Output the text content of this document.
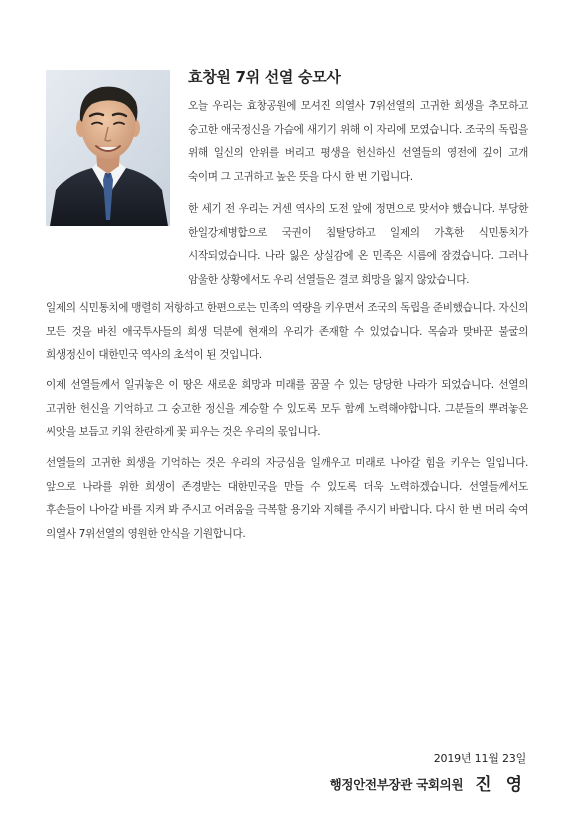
효창원 7위 선열 숭모사

오늘 우리는 효창공원에 모셔진 의열사 7위선열의 고귀한 희생을 추모하고 숭고한 애국정신을 가슴에 새기기 위해 이 자리에 모였습니다. 조국의 독립을 위해 일신의 안위를 버리고 평생을 헌신하신 선열들의 영전에 깊이 고개 숙이며 그 고귀하고 높은 뜻을 다시 한 번 기립니다.

한 세기 전 우리는 거센 역사의 도전 앞에 정면으로 맞서야 했습니다. 부당한 한일강제병합으로 국권이 침탈당하고 일제의 가혹한 식민통치가 시작되었습니다. 나라 잃은 상실감에 온 민족은 시름에 잠겼습니다. 그러나 암울한 상황에서도 우리 선열들은 결코 희망을 잃지 않았습니다.

일제의 식민통치에 맹렬히 저항하고 한편으로는 민족의 역량을 키우면서 조국의 독립을 준비했습니다. 자신의 모든 것을 바친 애국투사들의 희생 덕분에 현재의 우리가 존재할 수 있었습니다. 목숨과 맞바꾼 불굴의 희생정신이 대한민국 역사의 초석이 된 것입니다.

이제 선열들께서 일궈놓은 이 땅은 새로운 희망과 미래를 꿈꿀 수 있는 당당한 나라가 되었습니다. 선열의 고귀한 헌신을 기억하고 그 숭고한 정신을 계승할 수 있도록 모두 함께 노력해야합니다. 그분들의 뿌려놓은 씨앗을 보듬고 키워 찬란하게 꽃 피우는 것은 우리의 몫입니다.

선열들의 고귀한 희생을 기억하는 것은 우리의 자긍심을 일깨우고 미래로 나아갈 힘을 키우는 일입니다. 앞으로 나라를 위한 희생이 존경받는 대한민국을 만들 수 있도록 더욱 노력하겠습니다. 선열들께서도 후손들이 나아갈 바를 지켜 봐 주시고 어려움을 극복할 용기와 지혜를 주시기 바랍니다. 다시 한 번 머리 숙여 의열사 7위선열의 영원한 안식을 기원합니다.

2019년 11월 23일

행정안전부장관 국회의원 진 영
